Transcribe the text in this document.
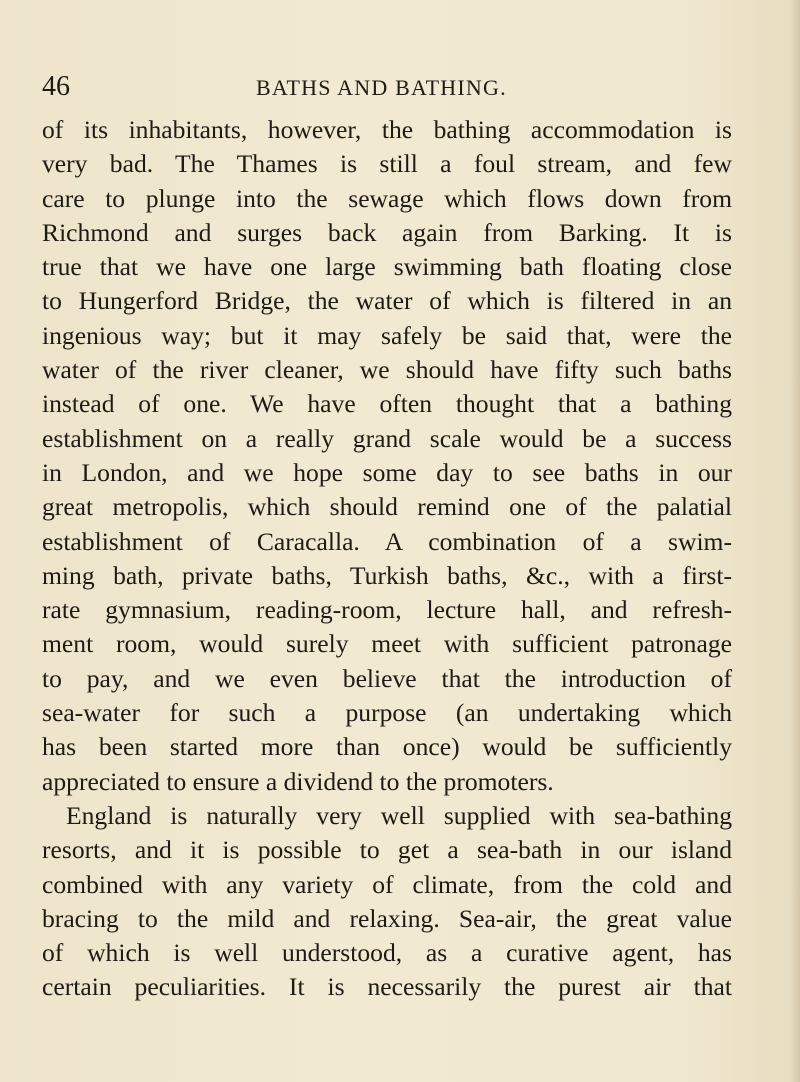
46	BATHS AND BATHING.
of its inhabitants, however, the bathing accommodation is
very bad. The Thames is still a foul stream, and few
care to plunge into the sewage which flows down from
Richmond and surges back again from Barking. It is
true that we have one large swimming bath floating close
to Hungerford Bridge, the water of which is filtered in an
ingenious way; but it may safely be said that, were the
water of the river cleaner, we should have fifty such baths
instead of one. We have often thought that a bathing
establishment on a really grand scale would be a success
in London, and we hope some day to see baths in our
great metropolis, which should remind one of the palatial
establishment of Caracalla. A combination of a swim-
ming bath, private baths, Turkish baths, &c., with a first-
rate gymnasium, reading-room, lecture hall, and refresh-
ment room, would surely meet with sufficient patronage
to pay, and we even believe that the introduction of
sea-water for such a purpose (an undertaking which
has been started more than once) would be sufficiently
appreciated to ensure a dividend to the promoters.
England is naturally very well supplied with sea-bathing
resorts, and it is possible to get a sea-bath in our island
combined with any variety of climate, from the cold and
bracing to the mild and relaxing. Sea-air, the great value
of which is well understood, as a curative agent, has
certain peculiarities. It is necessarily the purest air that
